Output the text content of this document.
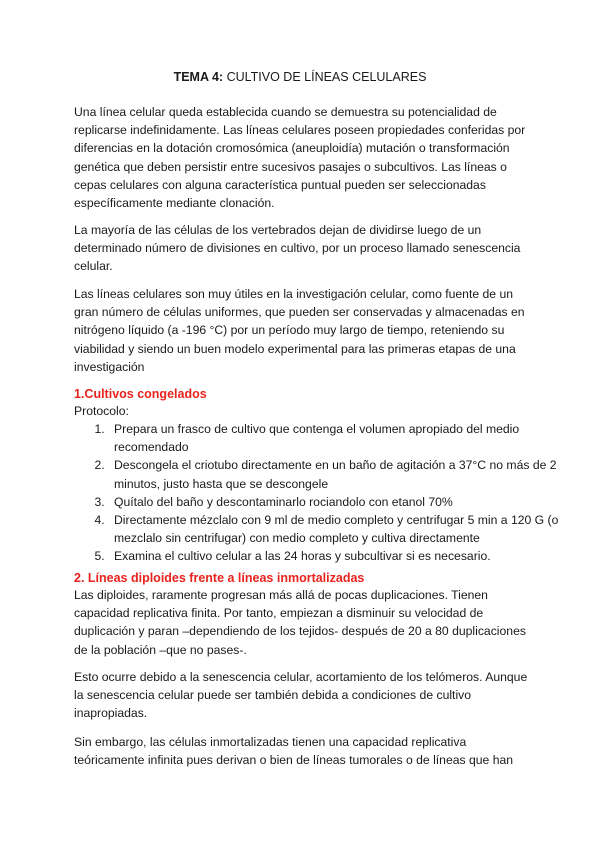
TEMA 4: CULTIVO DE LÍNEAS CELULARES

Una línea celular queda establecida cuando se demuestra su potencialidad de replicarse indefinidamente. Las líneas celulares poseen propiedades conferidas por diferencias en la dotación cromosómica (aneuploidía) mutación o transformación genética que deben persistir entre sucesivos pasajes o subcultivos. Las líneas o cepas celulares con alguna característica puntual pueden ser seleccionadas específicamente mediante clonación.

La mayoría de las células de los vertebrados dejan de dividirse luego de un determinado número de divisiones en cultivo, por un proceso llamado senescencia celular.

Las líneas celulares son muy útiles en la investigación celular, como fuente de un gran número de células uniformes, que pueden ser conservadas y almacenadas en nitrógeno líquido (a -196 °C) por un período muy largo de tiempo, reteniendo su viabilidad y siendo un buen modelo experimental para las primeras etapas de una investigación

1.Cultivos congelados

Protocolo:

1. Prepara un frasco de cultivo que contenga el volumen apropiado del medio recomendado
2. Descongela el criotubo directamente en un baño de agitación a 37°C no más de 2 minutos, justo hasta que se descongele
3. Quítalo del baño y descontaminarlo rociandolo con etanol 70%
4. Directamente mézclalo con 9 ml de medio completo y centrifugar 5 min a 120 G (o mezclalo sin centrifugar) con medio completo y cultiva directamente
5. Examina el cultivo celular a las 24 horas y subcultivar si es necesario.

2. Líneas diploides frente a líneas inmortalizadas

Las diploides, raramente progresan más allá de pocas duplicaciones. Tienen capacidad replicativa finita. Por tanto, empiezan a disminuir su velocidad de duplicación y paran –dependiendo de los tejidos- después de 20 a 80 duplicaciones de la población –que no pases-.

Esto ocurre debido a la senescencia celular, acortamiento de los telómeros. Aunque la senescencia celular puede ser también debida a condiciones de cultivo inapropiadas.

Sin embargo, las células inmortalizadas tienen una capacidad replicativa teóricamente infinita pues derivan o bien de líneas tumorales o de líneas que han
